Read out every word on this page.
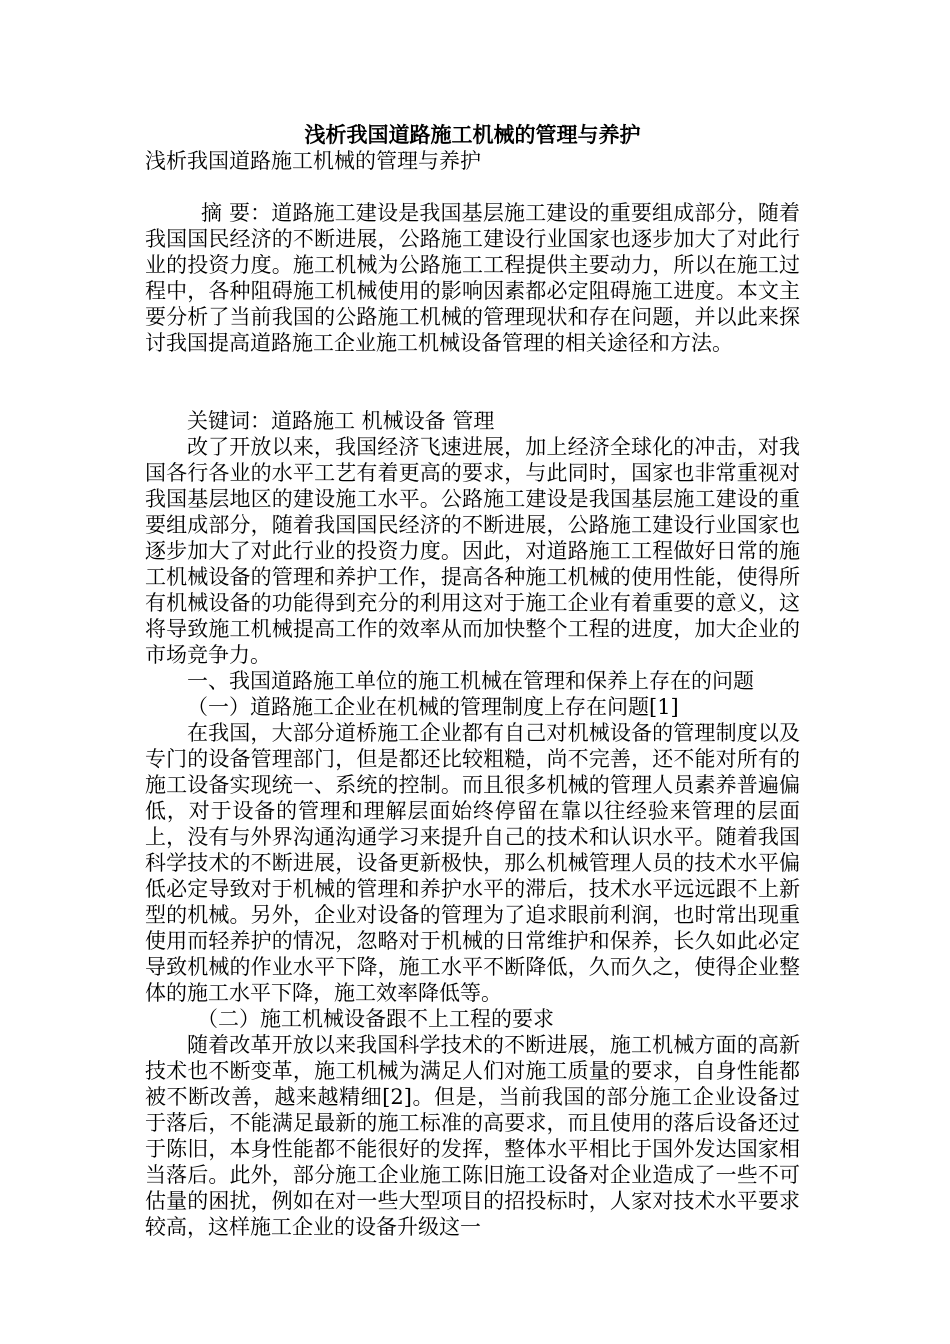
浅析我国道路施工机械的管理与养护

浅析我国道路施工机械的管理与养护

摘 要：道路施工建设是我国基层施工建设的重要组成部分，随着我国国民经济的不断进展，公路施工建设行业国家也逐步加大了对此行业的投资力度。施工机械为公路施工工程提供主要动力，所以在施工过程中，各种阻碍施工机械使用的影响因素都必定阻碍施工进度。本文主要分析了当前我国的公路施工机械的管理现状和存在问题，并以此来探讨我国提高道路施工企业施工机械设备管理的相关途径和方法。

关键词：道路施工 机械设备 管理

改了开放以来，我国经济飞速进展，加上经济全球化的冲击，对我国各行各业的水平工艺有着更高的要求，与此同时，国家也非常重视对我国基层地区的建设施工水平。公路施工建设是我国基层施工建设的重要组成部分，随着我国国民经济的不断进展，公路施工建设行业国家也逐步加大了对此行业的投资力度。因此，对道路施工工程做好日常的施工机械设备的管理和养护工作，提高各种施工机械的使用性能，使得所有机械设备的功能得到充分的利用这对于施工企业有着重要的意义，这将导致施工机械提高工作的效率从而加快整个工程的进度，加大企业的市场竞争力。

一、我国道路施工单位的施工机械在管理和保养上存在的问题

（一）道路施工企业在机械的管理制度上存在问题[1]

在我国，大部分道桥施工企业都有自己对机械设备的管理制度以及专门的设备管理部门，但是都还比较粗糙，尚不完善，还不能对所有的施工设备实现统一、系统的控制。而且很多机械的管理人员素养普遍偏低，对于设备的管理和理解层面始终停留在靠以往经验来管理的层面上，没有与外界沟通沟通学习来提升自己的技术和认识水平。随着我国科学技术的不断进展，设备更新极快，那么机械管理人员的技术水平偏低必定导致对于机械的管理和养护水平的滞后，技术水平远远跟不上新型的机械。另外，企业对设备的管理为了追求眼前利润，也时常出现重使用而轻养护的情况，忽略对于机械的日常维护和保养，长久如此必定导致机械的作业水平下降，施工水平不断降低，久而久之，使得企业整体的施工水平下降，施工效率降低等。

（二）施工机械设备跟不上工程的要求

随着改革开放以来我国科学技术的不断进展，施工机械方面的高新技术也不断变革，施工机械为满足人们对施工质量的要求，自身性能都被不断改善，越来越精细[2]。但是，当前我国的部分施工企业设备过于落后，不能满足最新的施工标准的高要求，而且使用的落后设备还过于陈旧，本身性能都不能很好的发挥，整体水平相比于国外发达国家相当落后。此外，部分施工企业施工陈旧施工设备对企业造成了一些不可估量的困扰，例如在对一些大型项目的招投标时，人家对技术水平要求较高，这样施工企业的设备升级这一
